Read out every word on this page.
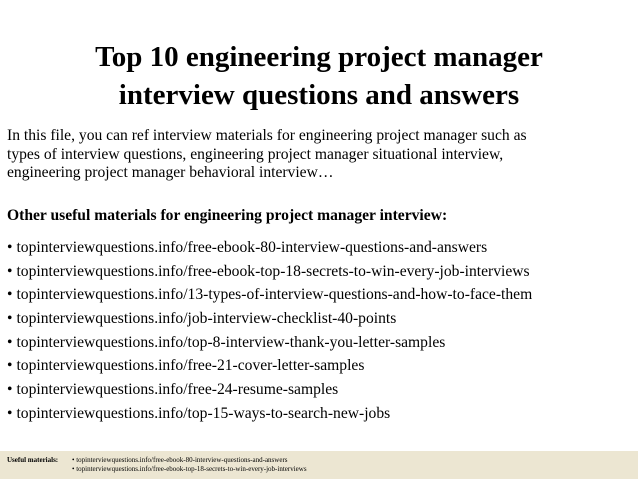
Top 10 engineering project manager
interview questions and answers
In this file, you can ref interview materials for engineering project manager such as
types of interview questions, engineering project manager situational interview,
engineering project manager behavioral interview…
Other useful materials for engineering project manager interview:
• topinterviewquestions.info/free-ebook-80-interview-questions-and-answers
• topinterviewquestions.info/free-ebook-top-18-secrets-to-win-every-job-interviews
• topinterviewquestions.info/13-types-of-interview-questions-and-how-to-face-them
• topinterviewquestions.info/job-interview-checklist-40-points
• topinterviewquestions.info/top-8-interview-thank-you-letter-samples
• topinterviewquestions.info/free-21-cover-letter-samples
• topinterviewquestions.info/free-24-resume-samples
• topinterviewquestions.info/top-15-ways-to-search-new-jobs
Useful materials: • topinterviewquestions.info/free-ebook-80-interview-questions-and-answers
• topinterviewquestions.info/free-ebook-top-18-secrets-to-win-every-job-interviews
